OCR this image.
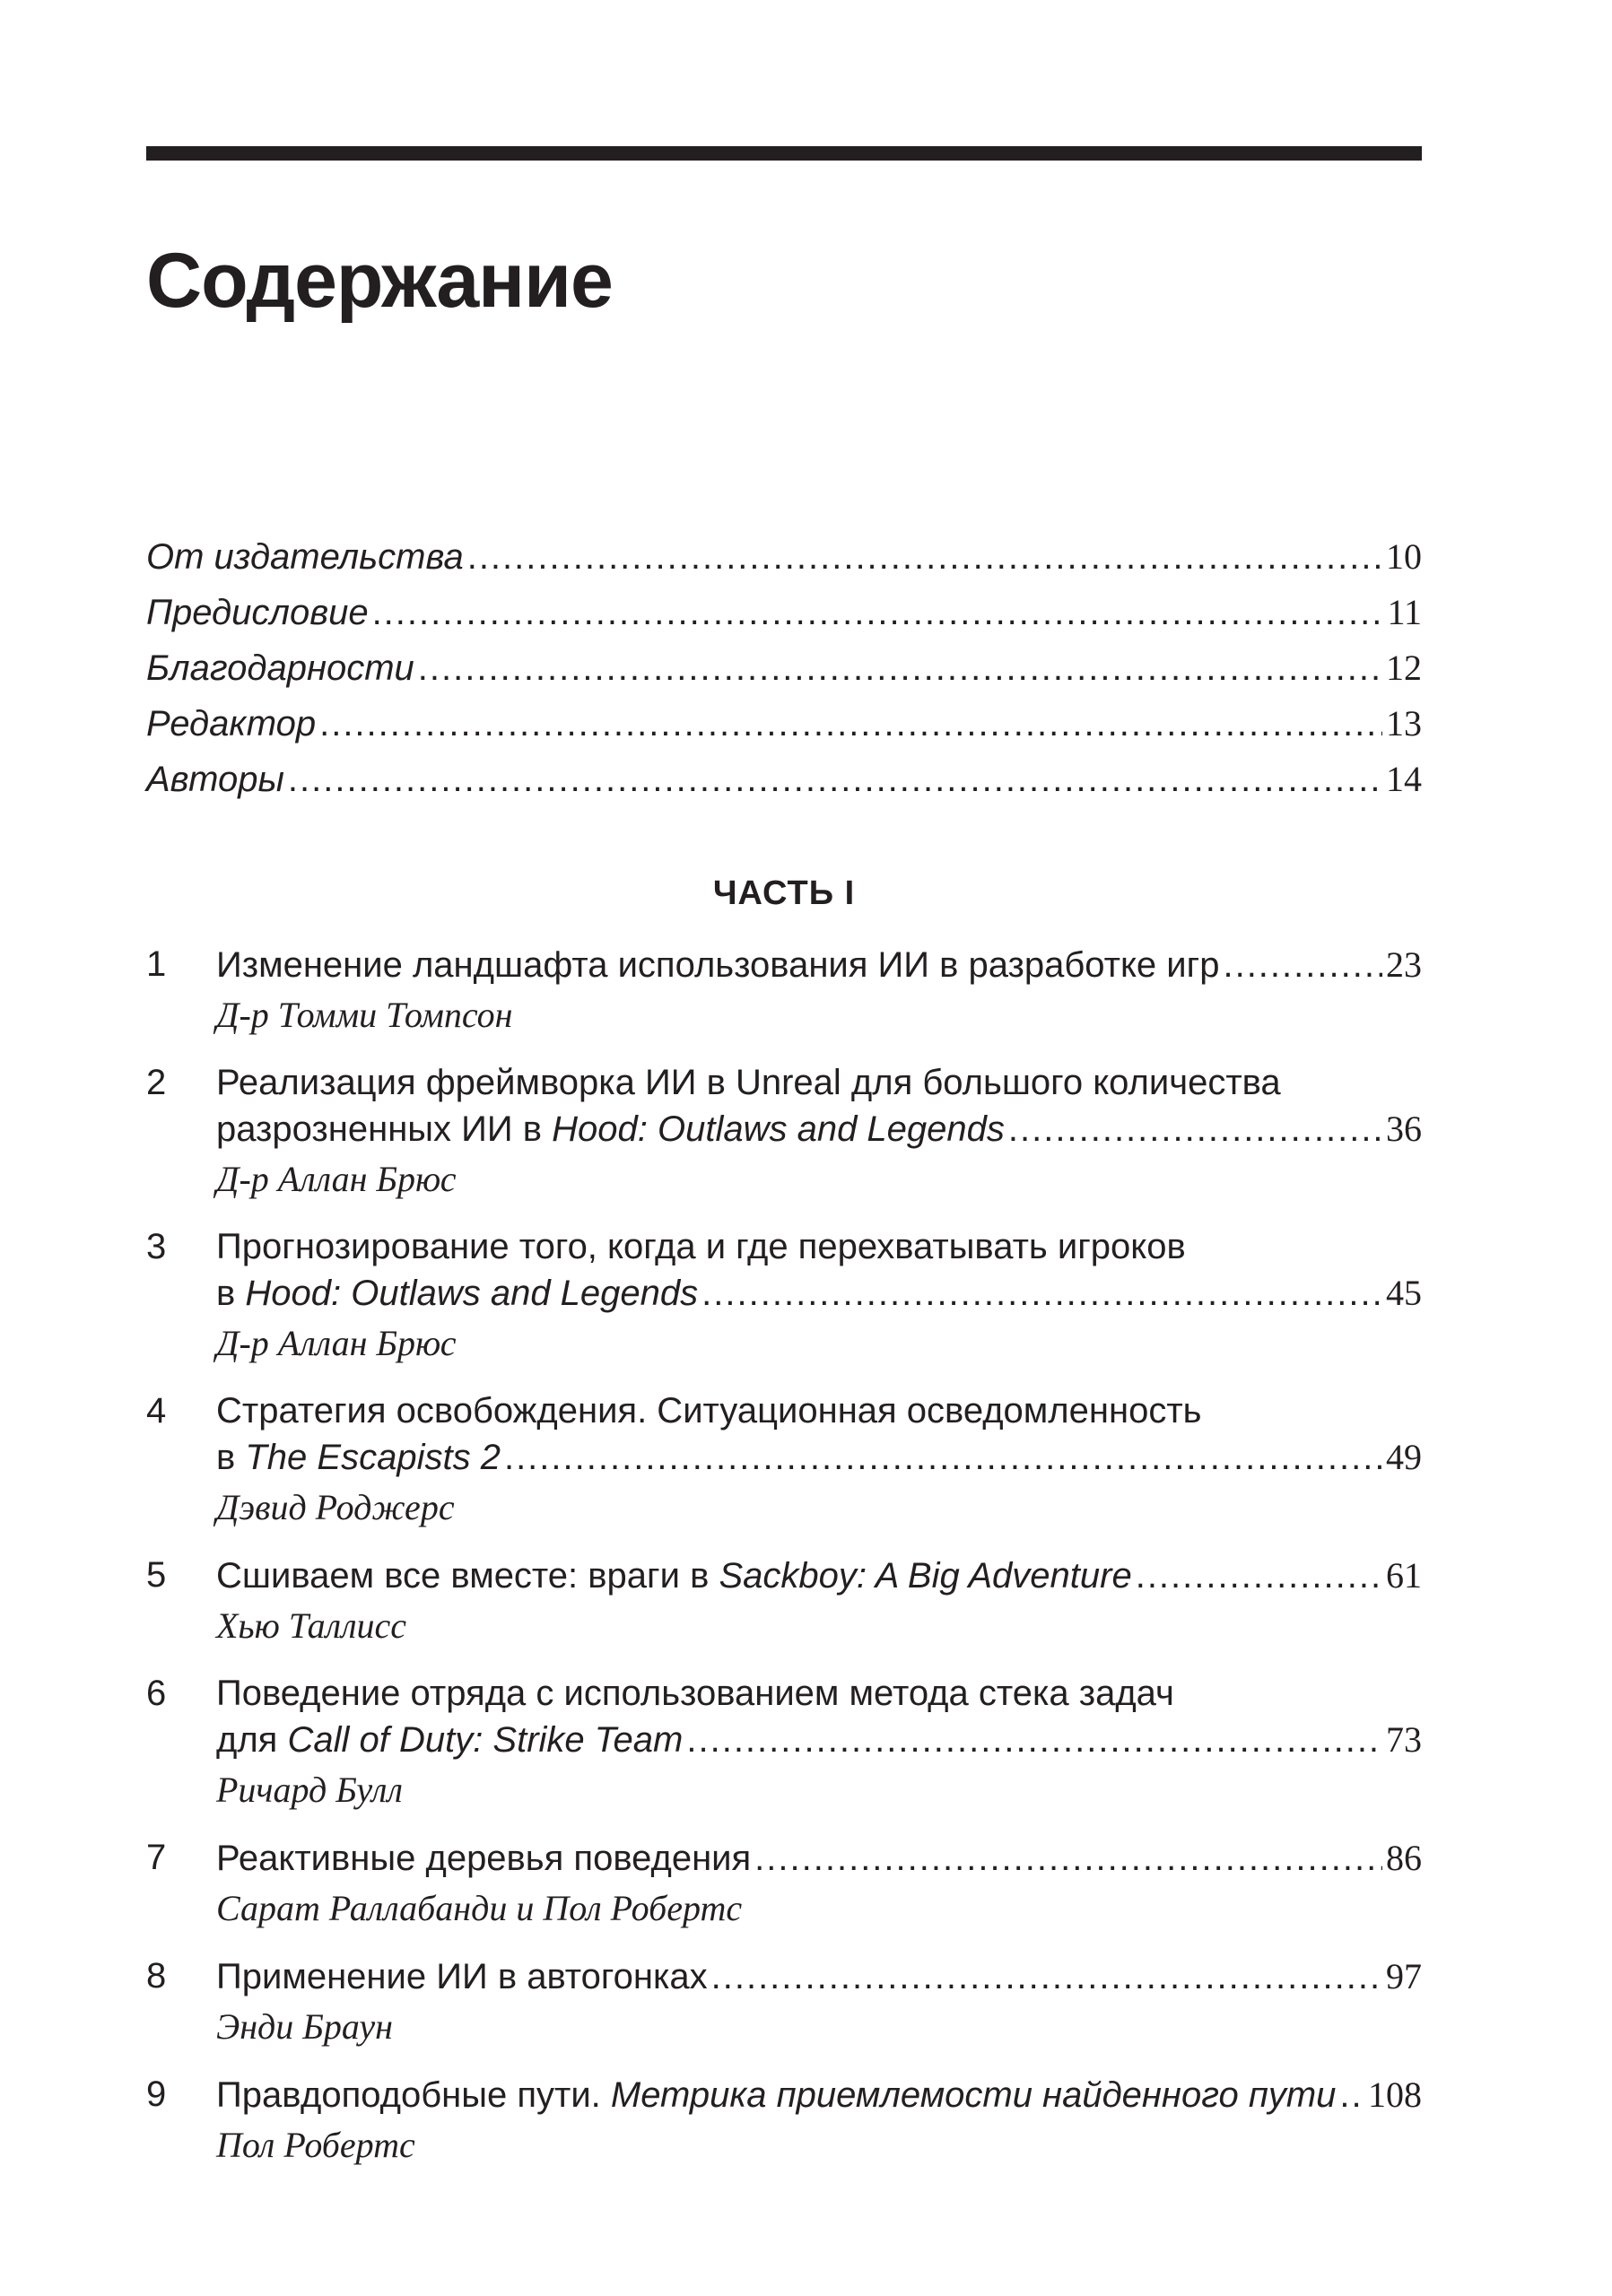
Содержание
От издательства .....	10
Предисловие .....	11
Благодарности .....	12
Редактор .....	13
Авторы .....	14
ЧАСТЬ I
1	Изменение ландшафта использования ИИ в разработке игр .....	23
Д-р Томми Томпсон
2	Реализация фреймворка ИИ в Unreal для большого количества
разрозненных ИИ в Hood: Outlaws and Legends .....	36
Д-р Аллан Брюс
3	Прогнозирование того, когда и где перехватывать игроков
в Hood: Outlaws and Legends .....	45
Д-р Аллан Брюс
4	Стратегия освобождения. Ситуационная осведомленность
в The Escapists 2 .....	49
Дэвид Роджерс
5	Сшиваем все вместе: враги в Sackboy: A Big Adventure .....	61
Хью Таллисс
6	Поведение отряда с использованием метода стека задач
для Call of Duty: Strike Team .....	73
Ричард Булл
7	Реактивные деревья поведения .....	86
Сарат Раллабанди и Пол Робертс
8	Применение ИИ в автогонках .....	97
Энди Браун
9	Правдоподобные пути. Метрика приемлемости найденного пути ..... 108
Пол Робертс
